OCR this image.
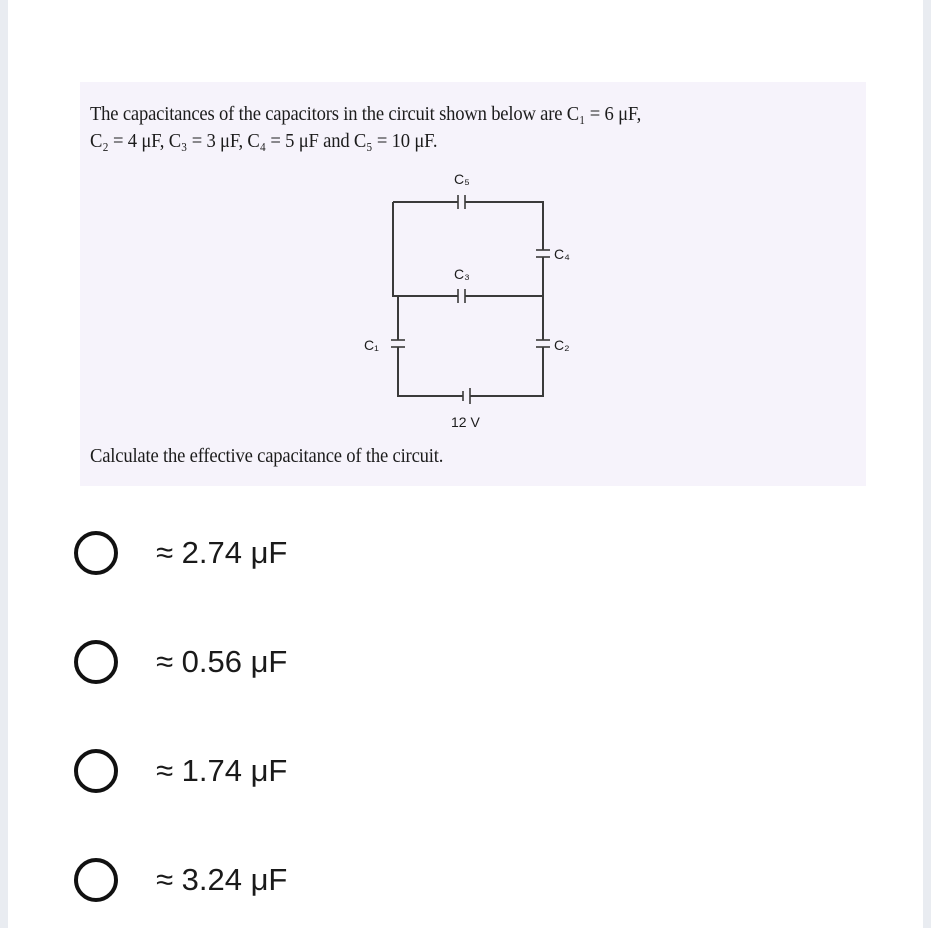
The capacitances of the capacitors in the circuit shown below are C₁ = 6 μF,
C₂ = 4 μF, C₃ = 3 μF, C₄ = 5 μF and C₅ = 10 μF.
C₅
C₄
C₃
C₂
C₁
12 V
Calculate the effective capacitance of the circuit.
≈ 2.74 μF
≈ 0.56 μF
≈ 1.74 μF
≈ 3.24 μF
